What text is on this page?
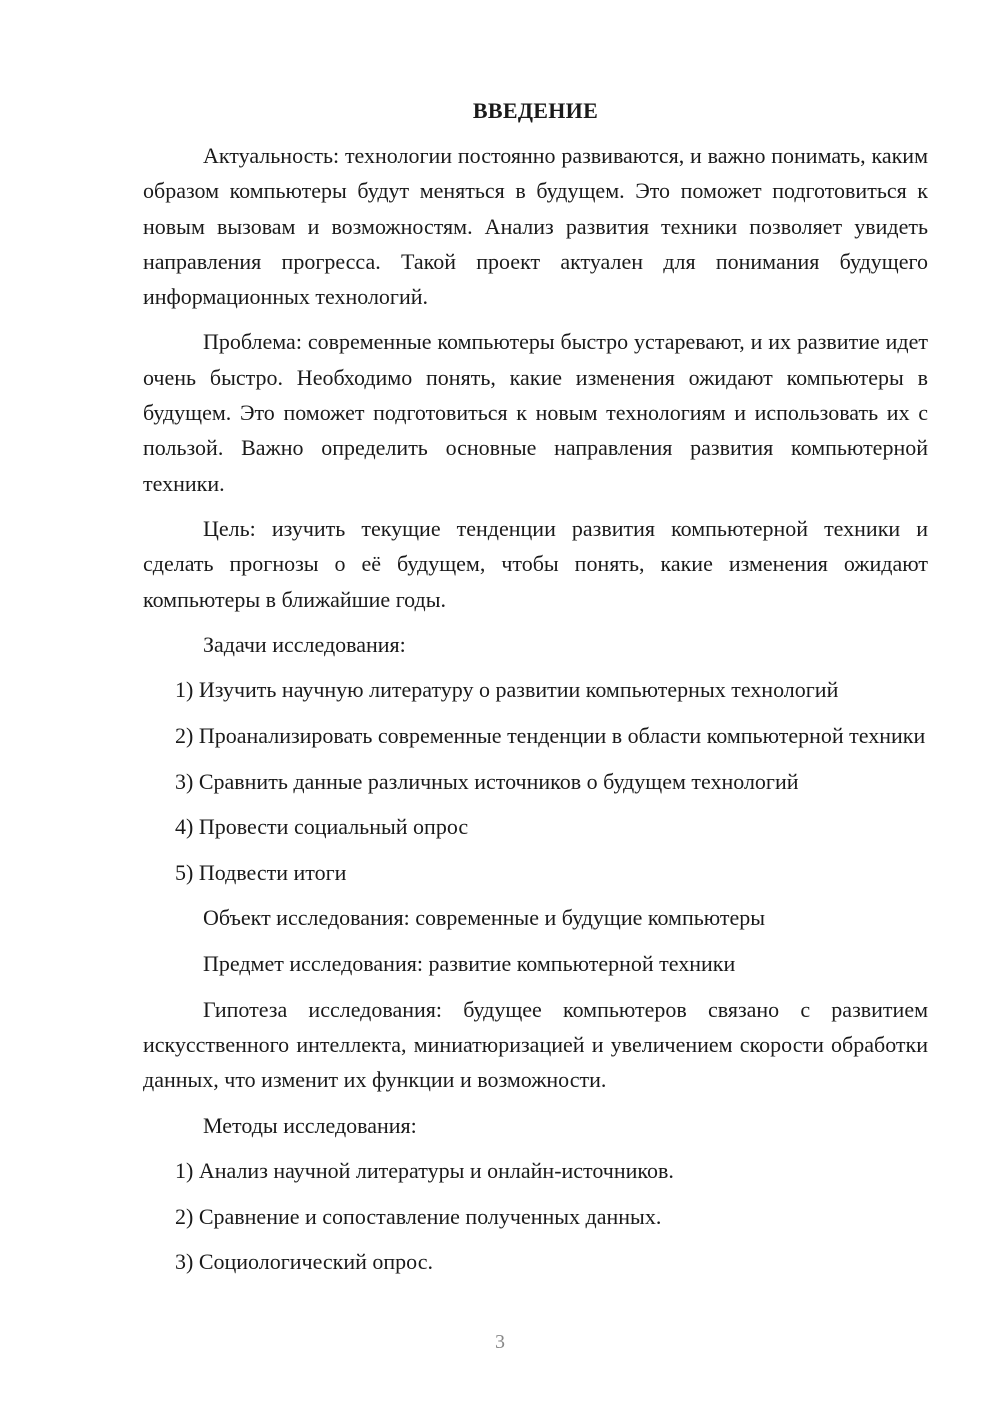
ВВЕДЕНИЕ

Актуальность: технологии постоянно развиваются, и важно понимать, каким образом компьютеры будут меняться в будущем. Это поможет подготовиться к новым вызовам и возможностям. Анализ развития техники позволяет увидеть направления прогресса. Такой проект актуален для понимания будущего информационных технологий.

Проблема: современные компьютеры быстро устаревают, и их развитие идет очень быстро. Необходимо понять, какие изменения ожидают компьютеры в будущем. Это поможет подготовиться к новым технологиям и использовать их с пользой. Важно определить основные направления развития компьютерной техники.

Цель: изучить текущие тенденции развития компьютерной техники и сделать прогнозы о её будущем, чтобы понять, какие изменения ожидают компьютеры в ближайшие годы.

Задачи исследования:
1) Изучить научную литературу о развитии компьютерных технологий
2) Проанализировать современные тенденции в области компьютерной техники
3) Сравнить данные различных источников о будущем технологий
4) Провести социальный опрос
5) Подвести итоги
Объект исследования: современные и будущие компьютеры
Предмет исследования: развитие компьютерной техники

Гипотеза исследования: будущее компьютеров связано с развитием искусственного интеллекта, миниатюризацией и увеличением скорости обработки данных, что изменит их функции и возможности.

Методы исследования:
1) Анализ научной литературы и онлайн-источников.
2) Сравнение и сопоставление полученных данных.
3) Социологический опрос.
3
